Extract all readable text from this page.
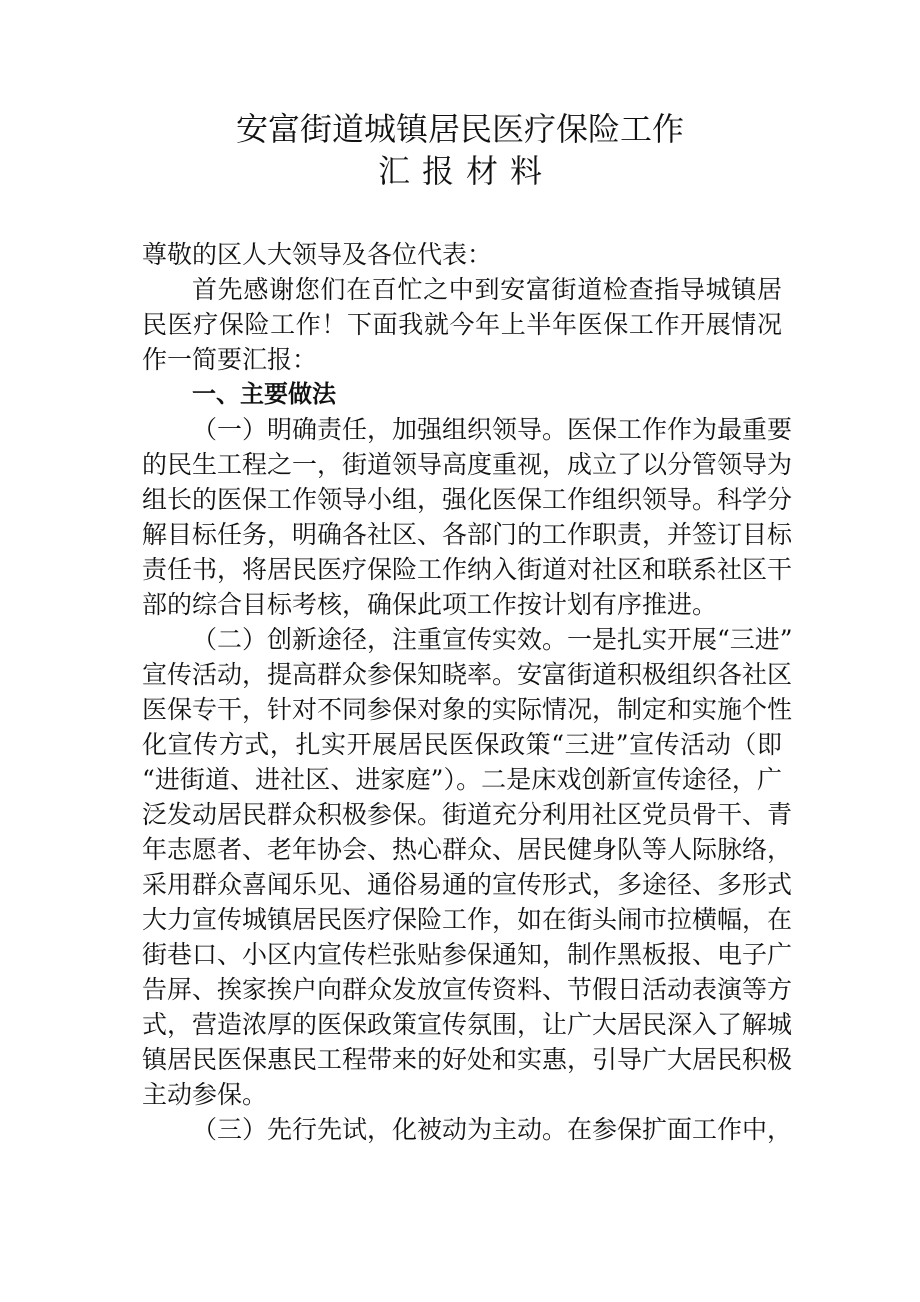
安富街道城镇居民医疗保险工作
汇报材料

尊敬的区人大领导及各位代表：

首先感谢您们在百忙之中到安富街道检查指导城镇居
民医疗保险工作！下面我就今年上半年医保工作开展情况
作一简要汇报：

一、主要做法

（一）明确责任，加强组织领导。医保工作作为最重要
的民生工程之一，街道领导高度重视，成立了以分管领导为
组长的医保工作领导小组，强化医保工作组织领导。科学分
解目标任务，明确各社区、各部门的工作职责，并签订目标
责任书，将居民医疗保险工作纳入街道对社区和联系社区干
部的综合目标考核，确保此项工作按计划有序推进。

（二）创新途径，注重宣传实效。一是扎实开展“三进”
宣传活动，提高群众参保知晓率。安富街道积极组织各社区
医保专干，针对不同参保对象的实际情况，制定和实施个性
化宣传方式，扎实开展居民医保政策“三进”宣传活动（即
“进街道、进社区、进家庭”）。二是床戏创新宣传途径，广
泛发动居民群众积极参保。街道充分利用社区党员骨干、青
年志愿者、老年协会、热心群众、居民健身队等人际脉络，
采用群众喜闻乐见、通俗易通的宣传形式，多途径、多形式
大力宣传城镇居民医疗保险工作，如在街头闹市拉横幅，在
街巷口、小区内宣传栏张贴参保通知，制作黑板报、电子广
告屏、挨家挨户向群众发放宣传资料、节假日活动表演等方
式，营造浓厚的医保政策宣传氛围，让广大居民深入了解城
镇居民医保惠民工程带来的好处和实惠，引导广大居民积极
主动参保。

（三）先行先试，化被动为主动。在参保扩面工作中，
